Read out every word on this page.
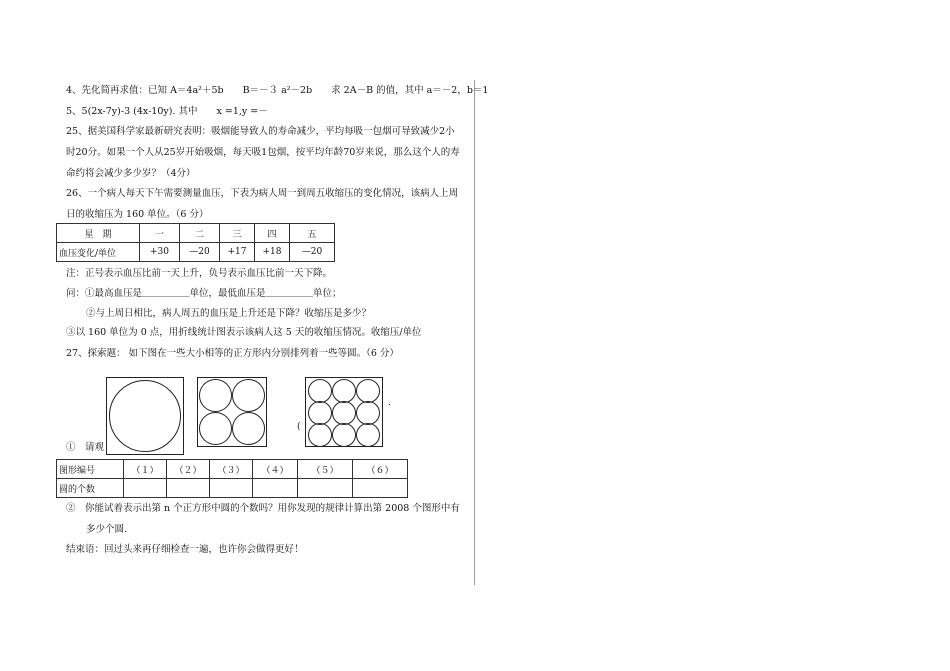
4、先化简再求值：已知 A＝4a²＋5b　　B＝－３ a²－2b　　求 2A－B 的值，其中 a＝－2，b＝1
5、5(2x-7y)-3 (4x-10y). 其中　　x =1,y =－
25、据美国科学家最新研究表明：吸烟能导致人的寿命减少，平均每吸一包烟可导致减少2小
时20分。如果一个人从25岁开始吸烟，每天吸1包烟，按平均年龄70岁来说，那么这个人的寿
命约将会减少多少岁？（4分）
26、一个病人每天下午需要测量血压，下表为病人周一到周五收缩压的变化情况，该病人上周
日的收缩压为 160 单位。（6 分）
星　期	一	二	三	四	五
血压变化/单位	+30	—20	+17	+18	—20
注：正号表示血压比前一天上升，负号表示血压比前一天下降。
问：①最高血压是＿＿＿＿＿单位，最低血压是＿＿＿＿＿单位；
②与上周日相比，病人周五的血压是上升还是下降？收缩压是多少？
③以 160 单位为 0 点，用折线统计图表示该病人这 5 天的收缩压情况。收缩压/单位
27、探索题： 如下图在一些大小相等的正方形内分别排列着一些等圆。（6 分）
(
.
①　请观
图形编号	（１）	（２）	（３）	（４）	（５）	（６）
圆的个数						
②　你能试着表示出第 n 个正方形中圆的个数吗？用你发现的规律计算出第 2008 个图形中有
多少个圆.
结束语：回过头来再仔细检查一遍，也许你会做得更好！
